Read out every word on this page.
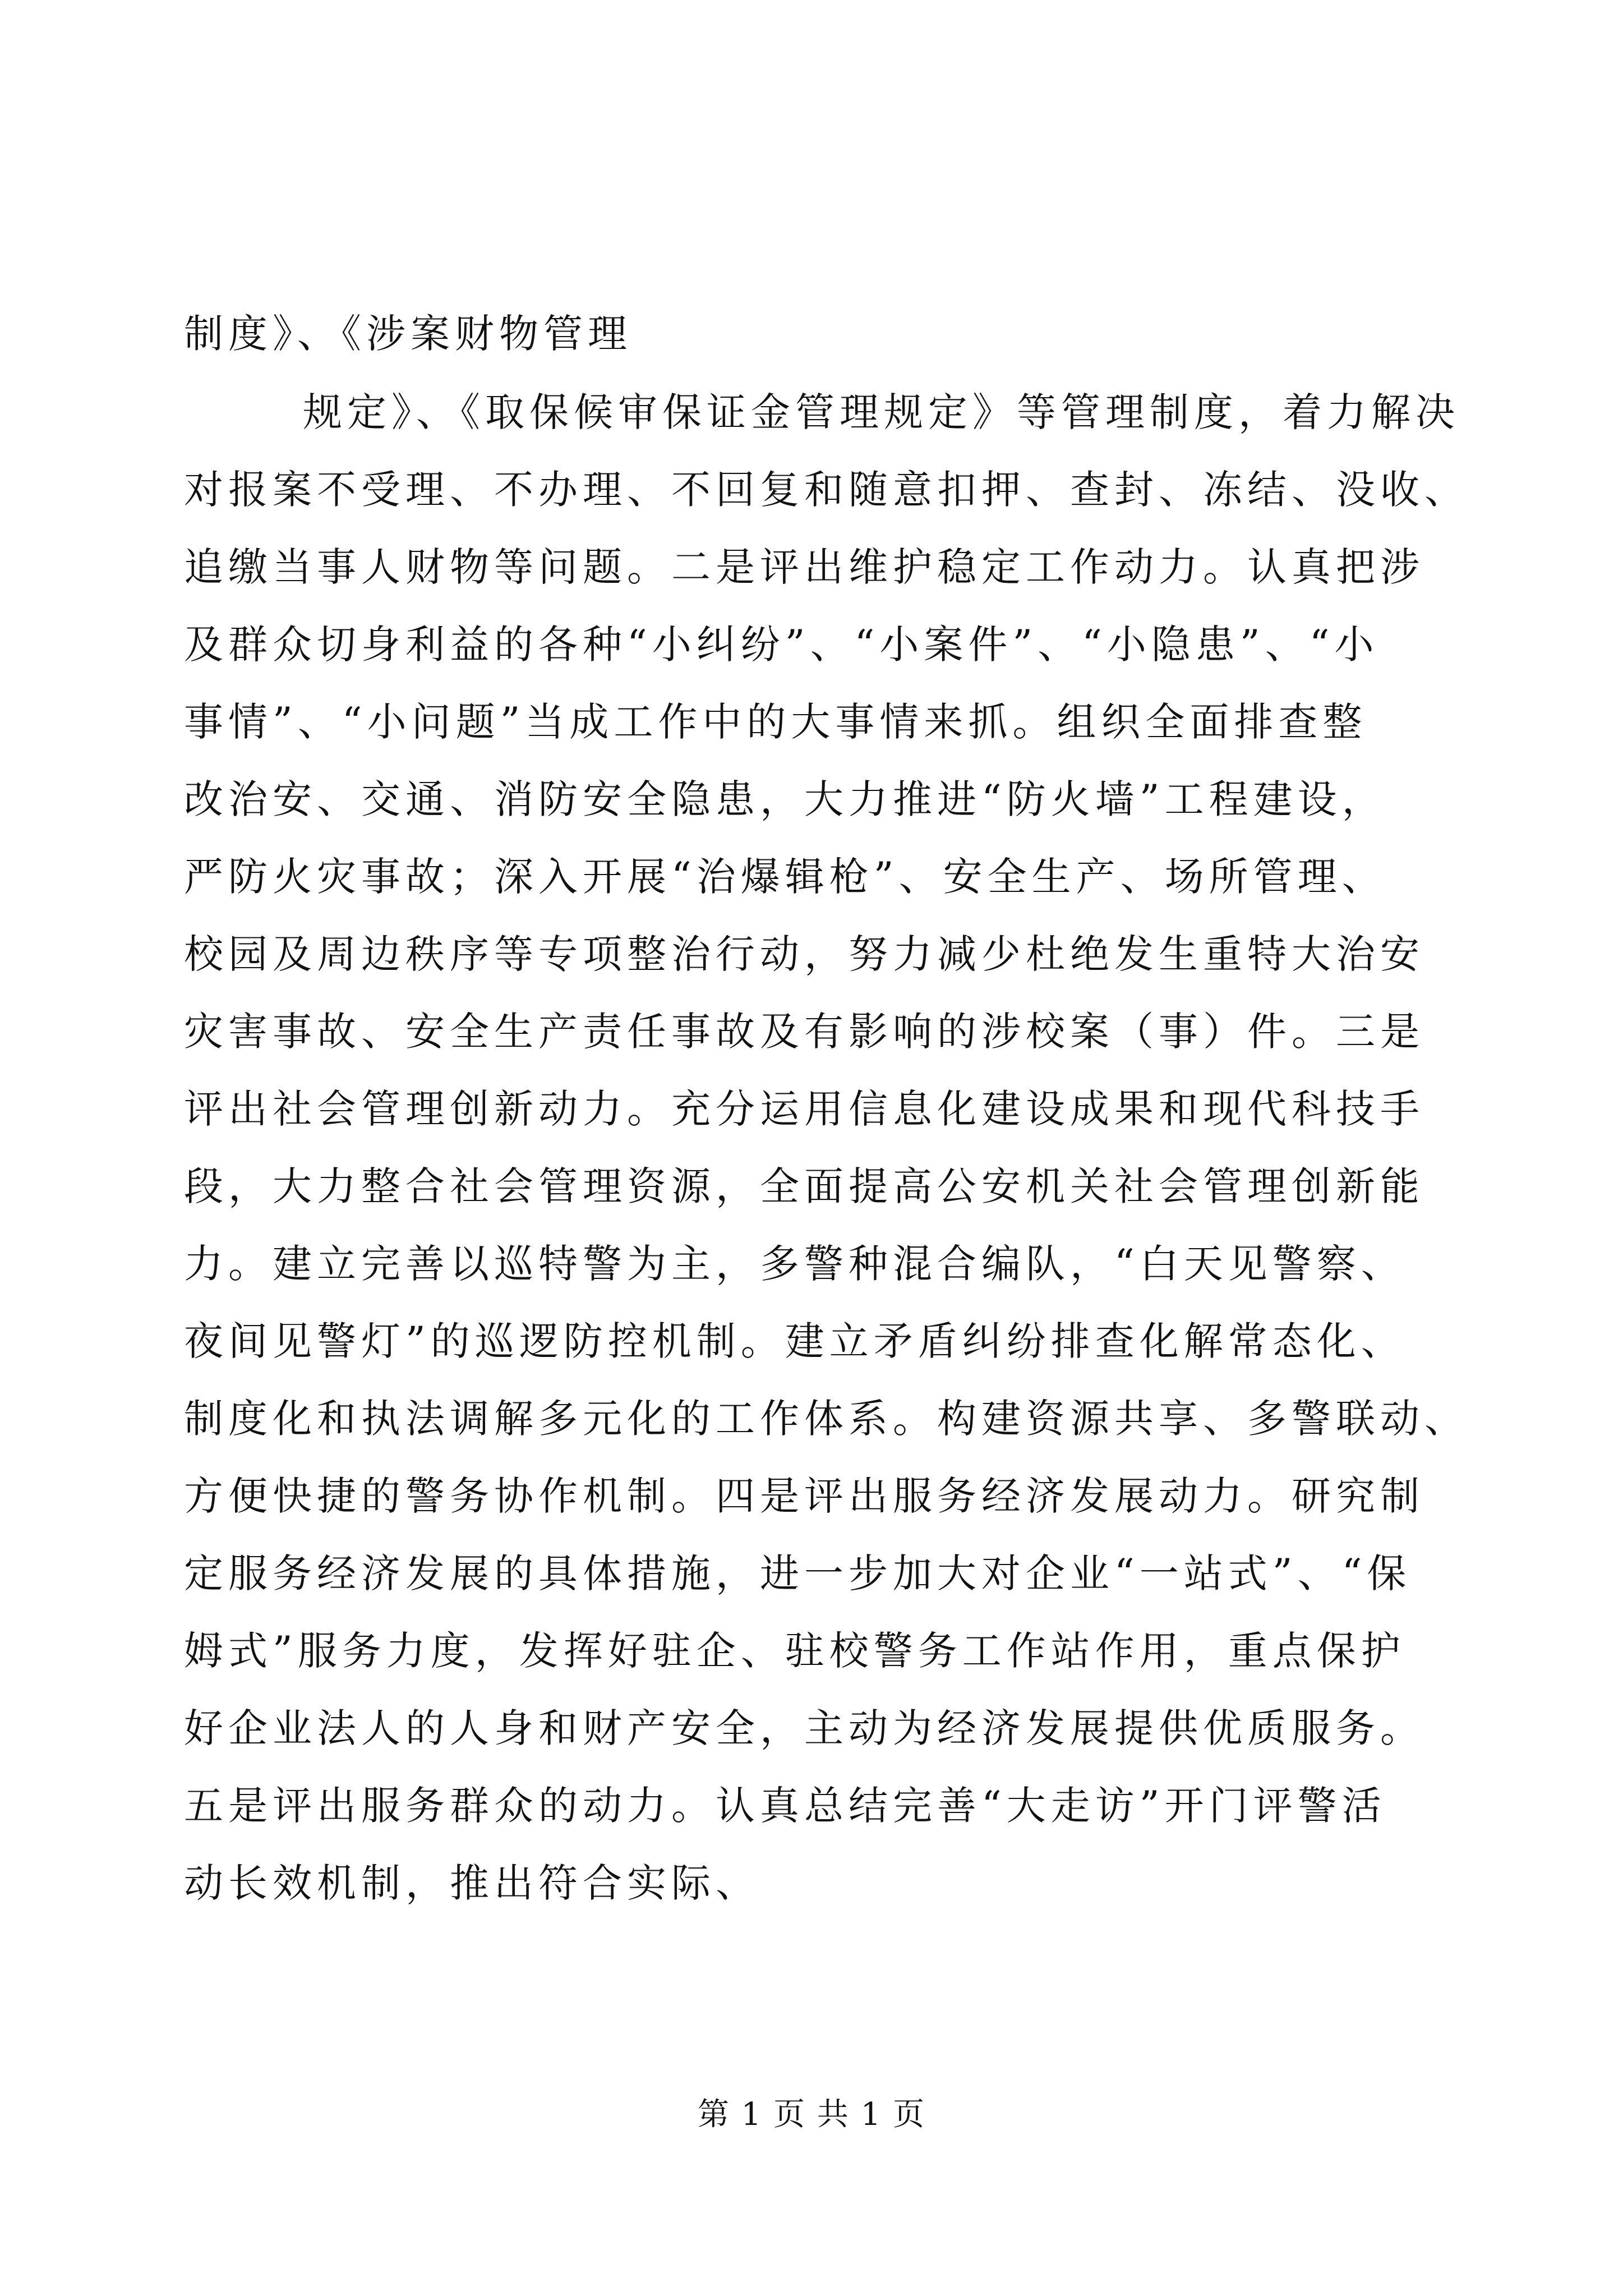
制度》、《涉案财物管理
规定》、《取保候审保证金管理规定》等管理制度，着力解决
对报案不受理、不办理、不回复和随意扣押、查封、冻结、没收、
追缴当事人财物等问题。二是评出维护稳定工作动力。认真把涉
及群众切身利益的各种“小纠纷”、“小案件”、“小隐患”、“小
事情”、“小问题”当成工作中的大事情来抓。组织全面排查整
改治安、交通、消防安全隐患，大力推进“防火墙”工程建设，
严防火灾事故；深入开展“治爆辑枪”、安全生产、场所管理、
校园及周边秩序等专项整治行动，努力减少杜绝发生重特大治安
灾害事故、安全生产责任事故及有影响的涉校案（事）件。三是
评出社会管理创新动力。充分运用信息化建设成果和现代科技手
段，大力整合社会管理资源，全面提高公安机关社会管理创新能
力。建立完善以巡特警为主，多警种混合编队，“白天见警察、
夜间见警灯”的巡逻防控机制。建立矛盾纠纷排查化解常态化、
制度化和执法调解多元化的工作体系。构建资源共享、多警联动、
方便快捷的警务协作机制。四是评出服务经济发展动力。研究制
定服务经济发展的具体措施，进一步加大对企业“一站式”、“保
姆式”服务力度，发挥好驻企、驻校警务工作站作用，重点保护
好企业法人的人身和财产安全，主动为经济发展提供优质服务。
五是评出服务群众的动力。认真总结完善“大走访”开门评警活
动长效机制，推出符合实际、
第 1 页 共 1 页
